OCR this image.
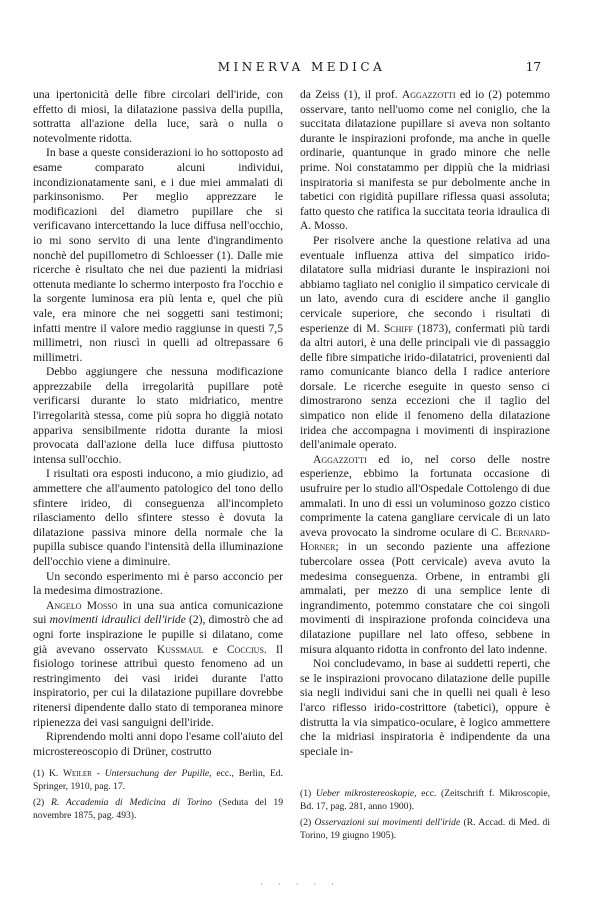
MINERVA MEDICA	17

una ipertonicità delle fibre circolari dell'iride, con effetto di miosi, la dilatazione passiva della pupilla, sottratta all'azione della luce, sarà o nulla o notevolmente ridotta.

In base a queste considerazioni io ho sottoposto ad esame comparato alcuni individui, incondizionatamente sani, e i due miei ammalati di parkinsonismo. Per meglio apprezzare le modificazioni del diametro pupillare che si verificavano intercettando la luce diffusa nell'occhio, io mi sono servito di una lente d'ingrandimento nonchè del pupillometro di Schloesser (1). Dalle mie ricerche è risultato che nei due pazienti la midriasi ottenuta mediante lo schermo interposto fra l'occhio e la sorgente luminosa era più lenta e, quel che più vale, era minore che nei soggetti sani testimoni; infatti mentre il valore medio raggiunse in questi 7,5 millimetri, non riuscì in quelli ad oltrepassare 6 millimetri.

Debbo aggiungere che nessuna modificazione apprezzabile della irregolarità pupillare potè verificarsi durante lo stato midriatico, mentre l'irregolarità stessa, come più sopra ho diggià notato appariva sensibilmente ridotta durante la miosi provocata dall'azione della luce diffusa piuttosto intensa sull'occhio.

I risultati ora esposti inducono, a mio giudizio, ad ammettere che all'aumento patologico del tono dello sfintere irideo, di conseguenza all'incompleto rilasciamento dello sfintere stesso è dovuta la dilatazione passiva minore della normale che la pupilla subisce quando l'intensità della illuminazione dell'occhio viene a diminuire.

Un secondo esperimento mi è parso acconcio per la medesima dimostrazione.

Angelo Mosso in una sua antica comunicazione sui movimenti idraulici dell'iride (2), dimostrò che ad ogni forte inspirazione le pupille si dilatano, come già avevano osservato Kussmaul e Coccius. Il fisiologo torinese attribuì questo fenomeno ad un restringimento dei vasi iridei durante l'atto inspiratorio, per cui la dilatazione pupillare dovrebbe ritenersi dipendente dallo stato di temporanea minore ripienezza dei vasi sanguigni dell'iride.

Riprendendo molti anni dopo l'esame coll'aiuto del microstereoscopio di Drüner, costrutto

(1) K. Weiler - Untersuchung der Pupille, ecc., Berlin, Ed. Springer, 1910, pag. 17.

(2) R. Accademia di Medicina di Torino (Seduta del 19 novembre 1875, pag. 493).

da Zeiss (1), il prof. Aggazzotti ed io (2) potemmo osservare, tanto nell'uomo come nel coniglio, che la succitata dilatazione pupillare si aveva non soltanto durante le inspirazioni profonde, ma anche in quelle ordinarie, quantunque in grado minore che nelle prime. Noi constatammo per dippiù che la midriasi inspiratoria si manifesta se pur debolmente anche in tabetici con rigidità pupillare riflessa quasi assoluta; fatto questo che ratifica la succitata teoria idraulica di A. Mosso.

Per risolvere anche la questione relativa ad una eventuale influenza attiva del simpatico irido-dilatatore sulla midriasi durante le inspirazioni noi abbiamo tagliato nel coniglio il simpatico cervicale di un lato, avendo cura di escidere anche il ganglio cervicale superiore, che secondo i risultati di esperienze di M. Schiff (1873), confermati più tardi da altri autori, è una delle principali vie di passaggio delle fibre simpatiche irido-dilatatrici, provenienti dal ramo comunicante bianco della I radice anteriore dorsale. Le ricerche eseguite in questo senso ci dimostrarono senza eccezioni che il taglio del simpatico non elide il fenomeno della dilatazione iridea che accompagna i movimenti di inspirazione dell'animale operato.

Aggazzotti ed io, nel corso delle nostre esperienze, ebbimo la fortunata occasione di usufruire per lo studio all'Ospedale Cottolengo di due ammalati. In uno di essi un voluminoso gozzo cistico comprimente la catena gangliare cervicale di un lato aveva provocato la sindrome oculare di C. Bernard-Horner; in un secondo paziente una affezione tubercolare ossea (Pott cervicale) aveva avuto la medesima conseguenza. Orbene, in entrambi gli ammalati, per mezzo di una semplice lente di ingrandimento, potemmo constatare che coi singoli movimenti di inspirazione profonda coincideva una dilatazione pupillare nel lato offeso, sebbene in misura alquanto ridotta in confronto del lato indenne.

Noi concludevamo, in base ai suddetti reperti, che se le inspirazioni provocano dilatazione delle pupille sia negli individui sani che in quelli nei quali è leso l'arco riflesso irido-costrittore (tabetici), oppure è distrutta la via simpatico-oculare, è logico ammettere che la midriasi inspiratoria è indipendente da una speciale in-

(1) Ueber mikrostereoskopie, ecc. (Zeitschrift f. Mikroscopie, Bd. 17, pag. 281, anno 1900).

(2) Osservazioni sui movimenti dell'iride (R. Accad. di Med. di Torino, 19 giugno 1905).

· · · · ·
